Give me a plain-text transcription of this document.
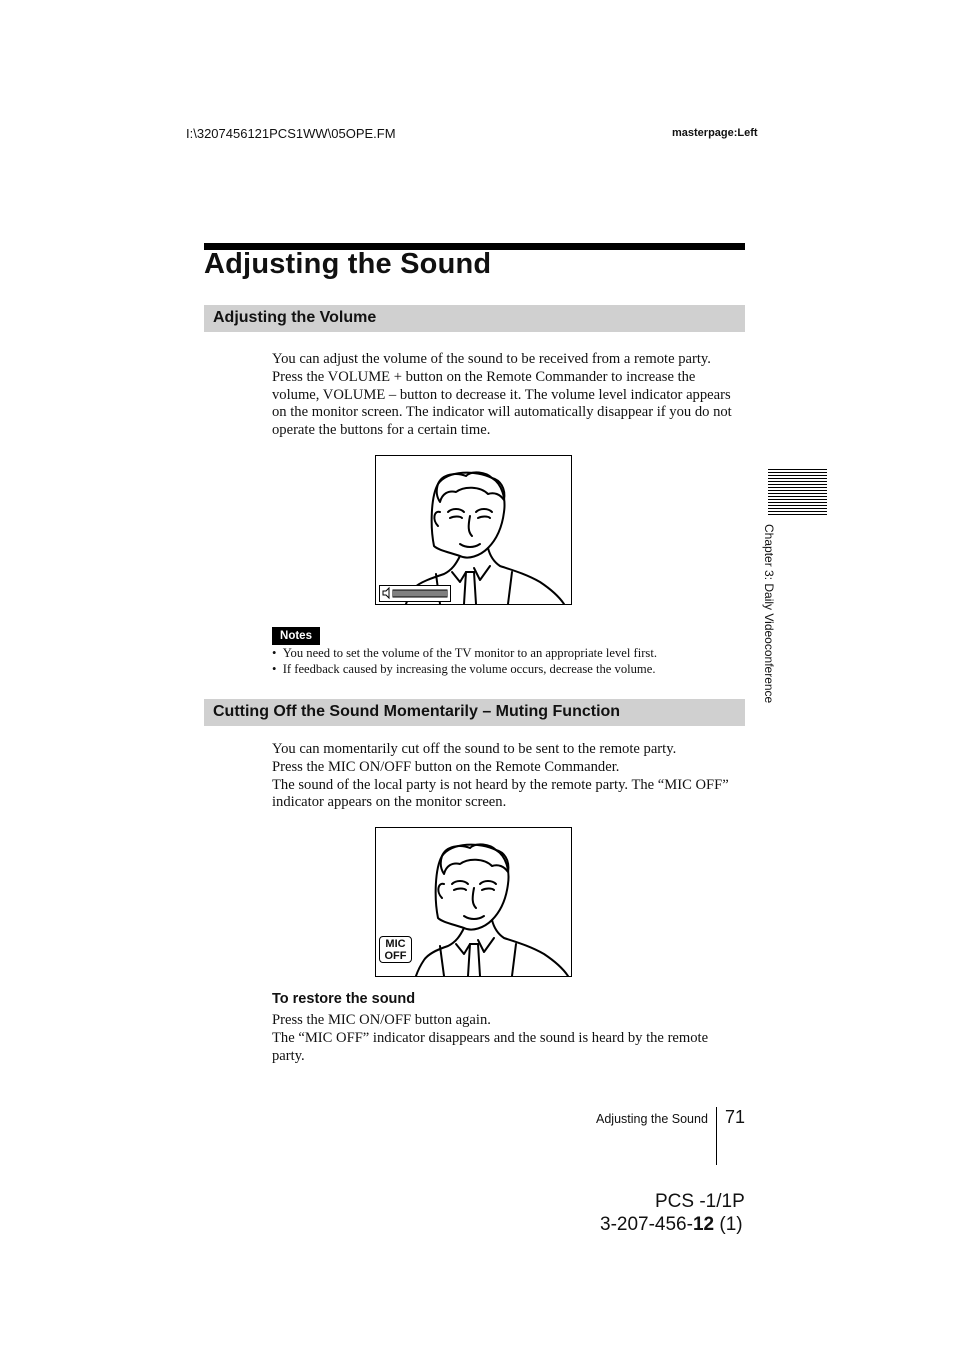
I:\3207456121PCS1WW\05OPE.FM	masterpage:Left
Adjusting the Sound
Adjusting the Volume
You can adjust the volume of the sound to be received from a remote party.
Press the VOLUME + button on the Remote Commander to increase the
volume, VOLUME – button to decrease it. The volume level indicator appears
on the monitor screen. The indicator will automatically disappear if you do not
operate the buttons for a certain time.
Notes
•  You need to set the volume of the TV monitor to an appropriate level first.
•  If feedback caused by increasing the volume occurs, decrease the volume.
Cutting Off the Sound Momentarily – Muting Function
You can momentarily cut off the sound to be sent to the remote party.
Press the MIC ON/OFF button on the Remote Commander.
The sound of the local party is not heard by the remote party. The “MIC OFF”
indicator appears on the monitor screen.
MIC
OFF
To restore the sound
Press the MIC ON/OFF button again.
The “MIC OFF” indicator disappears and the sound is heard by the remote
party.
Chapter 3: Daily Videoconference
Adjusting the Sound 71
PCS -1/1P
3-207-456-12 (1)
